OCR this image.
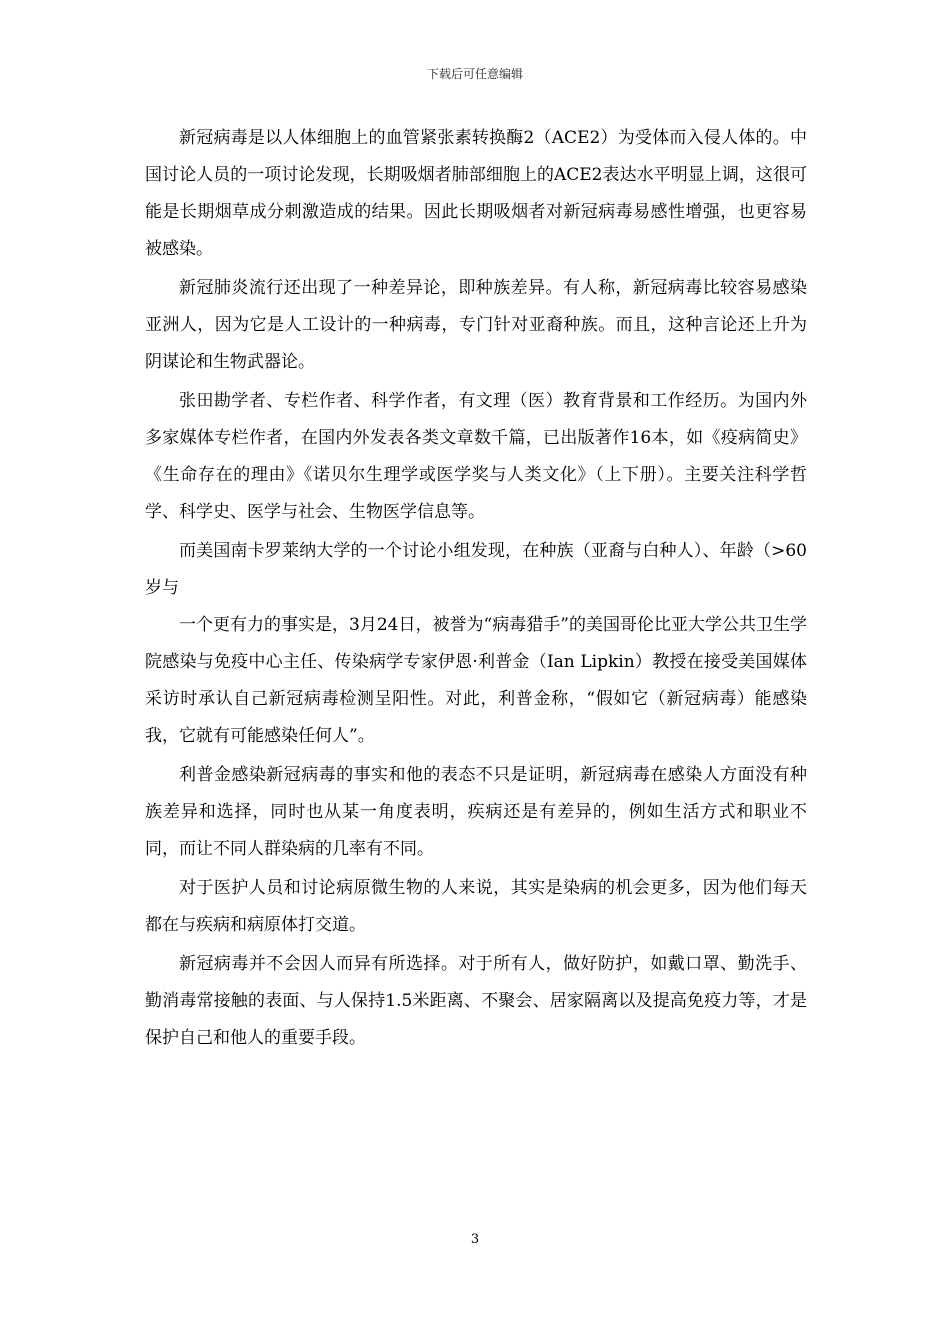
下载后可任意编辑

新冠病毒是以人体细胞上的血管紧张素转换酶2（ACE2）为受体而入侵人体的。中国讨论人员的一项讨论发现，长期吸烟者肺部细胞上的ACE2表达水平明显上调，这很可能是长期烟草成分刺激造成的结果。因此长期吸烟者对新冠病毒易感性增强，也更容易被感染。

新冠肺炎流行还出现了一种差异论，即种族差异。有人称，新冠病毒比较容易感染亚洲人，因为它是人工设计的一种病毒，专门针对亚裔种族。而且，这种言论还上升为阴谋论和生物武器论。

张田勘学者、专栏作者、科学作者，有文理（医）教育背景和工作经历。为国内外多家媒体专栏作者，在国内外发表各类文章数千篇，已出版著作16本，如《疫病简史》《生命存在的理由》《诺贝尔生理学或医学奖与人类文化》（上下册）。主要关注科学哲学、科学史、医学与社会、生物医学信息等。

而美国南卡罗莱纳大学的一个讨论小组发现，在种族（亚裔与白种人）、年龄（>60岁与

一个更有力的事实是，3月24日，被誉为“病毒猎手”的美国哥伦比亚大学公共卫生学院感染与免疫中心主任、传染病学专家伊恩·利普金（Ian Lipkin）教授在接受美国媒体采访时承认自己新冠病毒检测呈阳性。对此，利普金称，“假如它（新冠病毒）能感染我，它就有可能感染任何人”。

利普金感染新冠病毒的事实和他的表态不只是证明，新冠病毒在感染人方面没有种族差异和选择，同时也从某一角度表明，疾病还是有差异的，例如生活方式和职业不同，而让不同人群染病的几率有不同。

对于医护人员和讨论病原微生物的人来说，其实是染病的机会更多，因为他们每天都在与疾病和病原体打交道。

新冠病毒并不会因人而异有所选择。对于所有人，做好防护，如戴口罩、勤洗手、勤消毒常接触的表面、与人保持1.5米距离、不聚会、居家隔离以及提高免疫力等，才是保护自己和他人的重要手段。

3
